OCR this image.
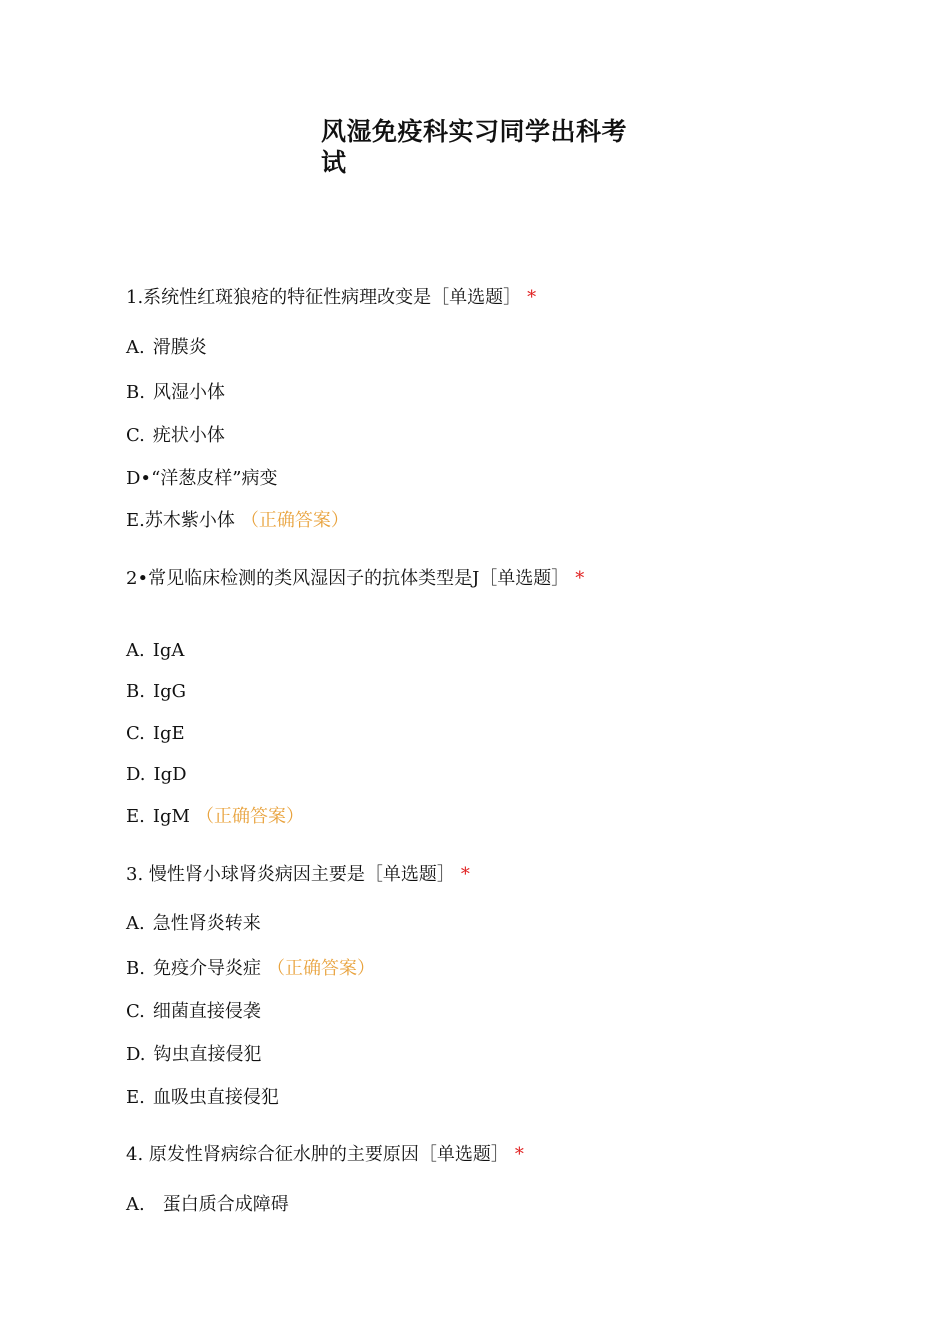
风湿免疫科实习同学出科考试
1.系统性红斑狼疮的特征性病理改变是［单选题］ *
A. 滑膜炎
B. 风湿小体
C. 疣状小体
D•“洋葱皮样”病变
E.苏木紫小体 （正确答案）
2•常见临床检测的类风湿因子的抗体类型是J［单选题］ *
A. IgA
B. IgG
C. IgE
D. IgD
E. IgM （正确答案）
3. 慢性肾小球肾炎病因主要是［单选题］ *
A. 急性肾炎转来
B. 免疫介导炎症 （正确答案）
C. 细菌直接侵袭
D. 钩虫直接侵犯
E. 血吸虫直接侵犯
4. 原发性肾病综合征水肿的主要原因［单选题］ *
A. 蛋白质合成障碍
